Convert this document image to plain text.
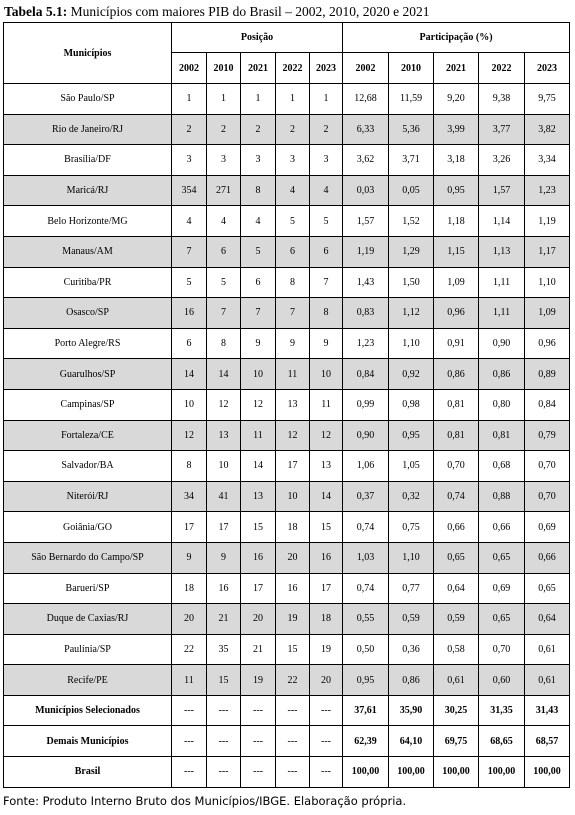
Tabela 5.1: Municípios com maiores PIB do Brasil – 2002, 2010, 2020 e 2021
Municípios	Posição					Participação (%)				
	2002	2010	2021	2022	2023	2002	2010	2021	2022	2023
São Paulo/SP	1	1	1	1	1	12,68	11,59	9,20	9,38	9,75
Rio de Janeiro/RJ	2	2	2	2	2	6,33	5,36	3,99	3,77	3,82
Brasília/DF	3	3	3	3	3	3,62	3,71	3,18	3,26	3,34
Maricá/RJ	354	271	8	4	4	0,03	0,05	0,95	1,57	1,23
Belo Horizonte/MG	4	4	4	5	5	1,57	1,52	1,18	1,14	1,19
Manaus/AM	7	6	5	6	6	1,19	1,29	1,15	1,13	1,17
Curitiba/PR	5	5	6	8	7	1,43	1,50	1,09	1,11	1,10
Osasco/SP	16	7	7	7	8	0,83	1,12	0,96	1,11	1,09
Porto Alegre/RS	6	8	9	9	9	1,23	1,10	0,91	0,90	0,96
Guarulhos/SP	14	14	10	11	10	0,84	0,92	0,86	0,86	0,89
Campinas/SP	10	12	12	13	11	0,99	0,98	0,81	0,80	0,84
Fortaleza/CE	12	13	11	12	12	0,90	0,95	0,81	0,81	0,79
Salvador/BA	8	10	14	17	13	1,06	1,05	0,70	0,68	0,70
Niterói/RJ	34	41	13	10	14	0,37	0,32	0,74	0,88	0,70
Goiânia/GO	17	17	15	18	15	0,74	0,75	0,66	0,66	0,69
São Bernardo do Campo/SP	9	9	16	20	16	1,03	1,10	0,65	0,65	0,66
Barueri/SP	18	16	17	16	17	0,74	0,77	0,64	0,69	0,65
Duque de Caxias/RJ	20	21	20	19	18	0,55	0,59	0,59	0,65	0,64
Paulínia/SP	22	35	21	15	19	0,50	0,36	0,58	0,70	0,61
Recife/PE	11	15	19	22	20	0,95	0,86	0,61	0,60	0,61
Municípios Selecionados	---	---	---	---	---	37,61	35,90	30,25	31,35	31,43
Demais Municípios	---	---	---	---	---	62,39	64,10	69,75	68,65	68,57
Brasil	---	---	---	---	---	100,00	100,00	100,00	100,00	100,00
Fonte: Produto Interno Bruto dos Municípios/IBGE. Elaboração própria.
